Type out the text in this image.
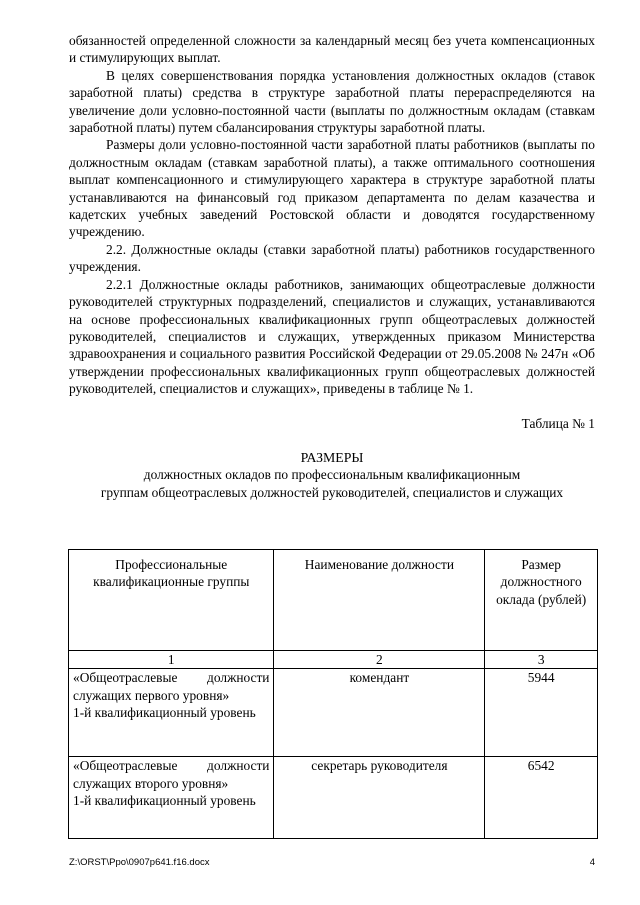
обязанностей определенной сложности за календарный месяц без учета компенсационных и стимулирующих выплат.

В целях совершенствования порядка установления должностных окладов (ставок заработной платы) средства в структуре заработной платы перераспределяются на увеличение доли условно-постоянной части (выплаты по должностным окладам (ставкам заработной платы) путем сбалансирования структуры заработной платы.

Размеры доли условно-постоянной части заработной платы работников (выплаты по должностным окладам (ставкам заработной платы), а также оптимального соотношения выплат компенсационного и стимулирующего характера в структуре заработной платы устанавливаются на финансовый год приказом департамента по делам казачества и кадетских учебных заведений Ростовской области и доводятся государственному учреждению.

2.2. Должностные оклады (ставки заработной платы) работников государственного учреждения.

2.2.1 Должностные оклады работников, занимающих общеотраслевые должности руководителей структурных подразделений, специалистов и служащих, устанавливаются на основе профессиональных квалификационных групп общеотраслевых должностей руководителей, специалистов и служащих, утвержденных приказом Министерства здравоохранения и социального развития Российской Федерации от 29.05.2008 № 247н «Об утверждении профессиональных квалификационных групп общеотраслевых должностей руководителей, специалистов и служащих», приведены в таблице № 1.

Таблица № 1

РАЗМЕРЫ

должностных окладов по профессиональным квалификационным

группам общеотраслевых должностей руководителей, специалистов и служащих

Профессиональные квалификационные группы	Наименование должности	Размер должностного оклада (рублей)

1	2	3

«Общеотраслевые должности служащих первого уровня»
1-й квалификационный уровень	комендант	5944

«Общеотраслевые должности служащих второго уровня»
1-й квалификационный уровень	секретарь руководителя	6542
Z:\ORST\Ppo\0907p641.f16.docx	4
